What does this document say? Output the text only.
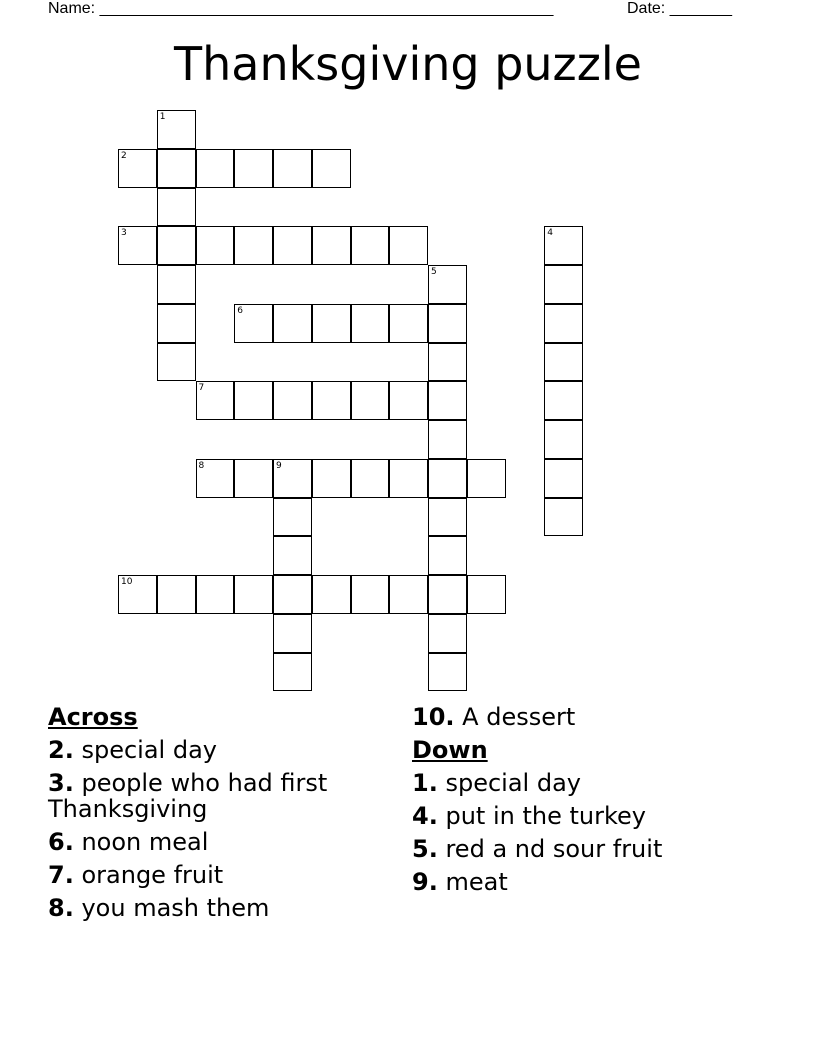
Name: ___________________________________________________	Date: _______
Thanksgiving puzzle
1
2
3	4
5
6
7
8	9
10
Across
2. special day
3. people who had first Thanksgiving
6. noon meal
7. orange fruit
8. you mash them
10. A dessert
Down
1. special day
4. put in the turkey
5. red a nd sour fruit
9. meat
